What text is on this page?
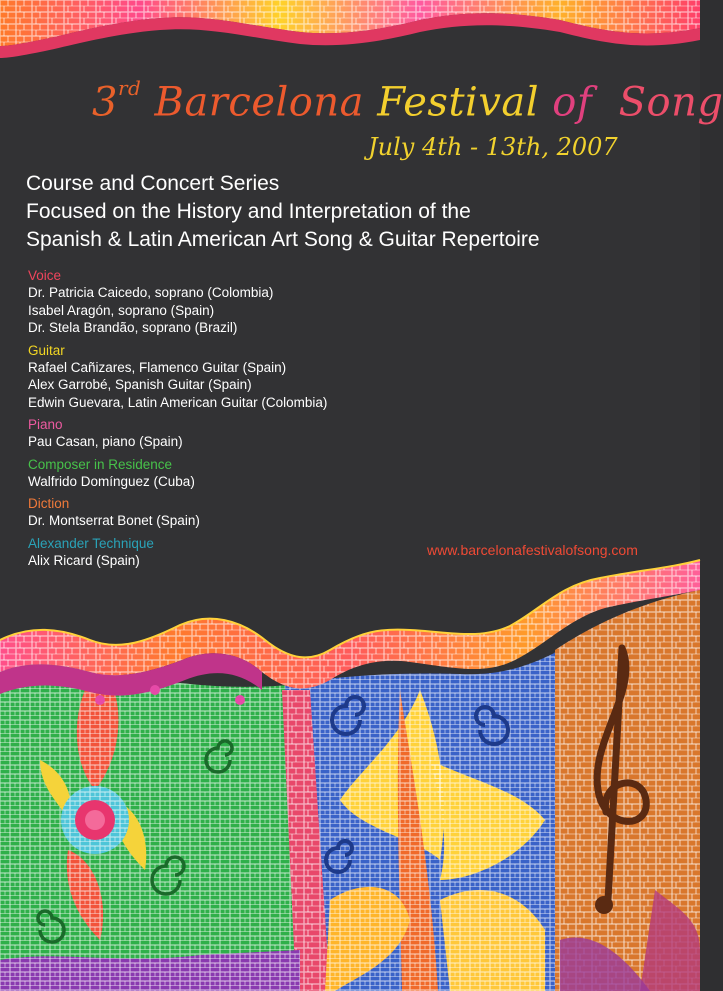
3rd Barcelona Festival of Song
July 4th - 13th, 2007
Course and Concert Series
Focused on the History and Interpretation of the
Spanish & Latin American Art Song & Guitar Repertoire
Voice
Dr. Patricia Caicedo, soprano (Colombia)
Isabel Aragón, soprano (Spain)
Dr. Stela Brandão, soprano (Brazil)
Guitar
Rafael Cañizares, Flamenco Guitar (Spain)
Alex Garrobé, Spanish Guitar (Spain)
Edwin Guevara, Latin American Guitar (Colombia)
Piano
Pau Casan, piano (Spain)
Composer in Residence
Walfrido Domínguez (Cuba)
Diction
Dr. Montserrat Bonet (Spain)
Alexander Technique
Alix Ricard (Spain)
www.barcelonafestivalofsong.com
